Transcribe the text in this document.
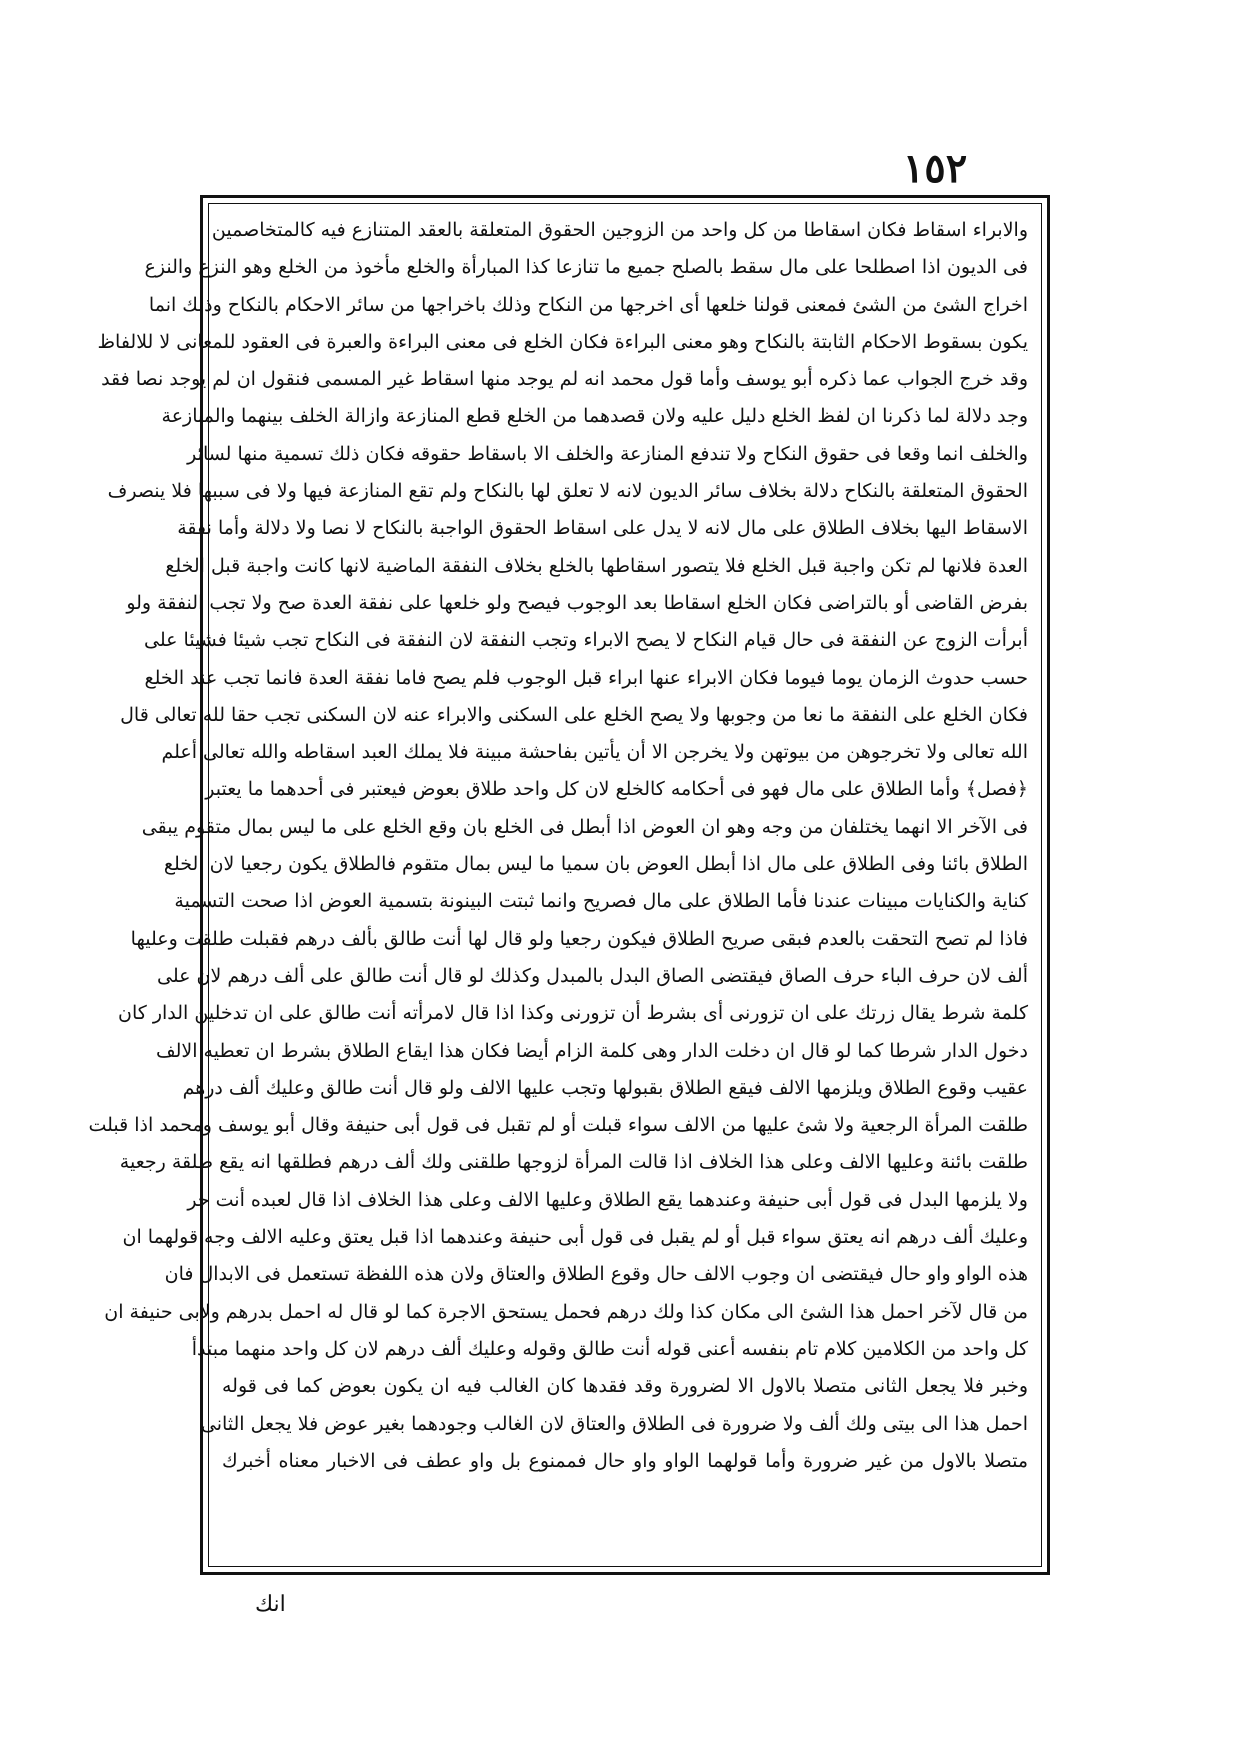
١٥٢
والابراء اسقاط فكان اسقاطا من كل واحد من الزوجين الحقوق المتعلقة بالعقد المتنازع فيه كالمتخاصمين
فى الديون اذا اصطلحا على مال سقط بالصلح جميع ما تنازعا كذا المبارأة والخلع مأخوذ من الخلع وهو النزع والنزع
اخراج الشئ من الشئ فمعنى قولنا خلعها أى اخرجها من النكاح وذلك باخراجها من سائر الاحكام بالنكاح وذلك انما
يكون بسقوط الاحكام الثابتة بالنكاح وهو معنى البراءة فكان الخلع فى معنى البراءة والعبرة فى العقود للمعانى لا للالفاظ
وقد خرج الجواب عما ذكره أبو يوسف وأما قول محمد انه لم يوجد منها اسقاط غير المسمى فنقول ان لم يوجد نصا فقد
وجد دلالة لما ذكرنا ان لفظ الخلع دليل عليه ولان قصدهما من الخلع قطع المنازعة وازالة الخلف بينهما والمنازعة
والخلف انما وقعا فى حقوق النكاح ولا تندفع المنازعة والخلف الا باسقاط حقوقه فكان ذلك تسمية منها لسائر
الحقوق المتعلقة بالنكاح دلالة بخلاف سائر الديون لانه لا تعلق لها بالنكاح ولم تقع المنازعة فيها ولا فى سببها فلا ينصرف
الاسقاط اليها بخلاف الطلاق على مال لانه لا يدل على اسقاط الحقوق الواجبة بالنكاح لا نصا ولا دلالة وأما نفقة
العدة فلانها لم تكن واجبة قبل الخلع فلا يتصور اسقاطها بالخلع بخلاف النفقة الماضية لانها كانت واجبة قبل الخلع
بفرض القاضى أو بالتراضى فكان الخلع اسقاطا بعد الوجوب فيصح ولو خلعها على نفقة العدة صح ولا تجب النفقة ولو
أبرأت الزوج عن النفقة فى حال قيام النكاح لا يصح الابراء وتجب النفقة لان النفقة فى النكاح تجب شيئا فشيئا على
حسب حدوث الزمان يوما فيوما فكان الابراء عنها ابراء قبل الوجوب فلم يصح فاما نفقة العدة فانما تجب عند الخلع
فكان الخلع على النفقة ما نعا من وجوبها ولا يصح الخلع على السكنى والابراء عنه لان السكنى تجب حقا لله تعالى قال
الله تعالى ولا تخرجوهن من بيوتهن ولا يخرجن الا أن يأتين بفاحشة مبينة فلا يملك العبد اسقاطه والله تعالى أعلم
﴿فصل﴾ وأما الطلاق على مال فهو فى أحكامه كالخلع لان كل واحد طلاق بعوض فيعتبر فى أحدهما ما يعتبر
فى الآخر الا انهما يختلفان من وجه وهو ان العوض اذا أبطل فى الخلع بان وقع الخلع على ما ليس بمال متقوم يبقى
الطلاق بائنا وفى الطلاق على مال اذا أبطل العوض بان سميا ما ليس بمال متقوم فالطلاق يكون رجعيا لان الخلع
كناية والكنايات مبينات عندنا فأما الطلاق على مال فصريح وانما ثبتت البينونة بتسمية العوض اذا صحت التسمية
فاذا لم تصح التحقت بالعدم فبقى صريح الطلاق فيكون رجعيا ولو قال لها أنت طالق بألف درهم فقبلت طلقت وعليها
ألف لان حرف الباء حرف الصاق فيقتضى الصاق البدل بالمبدل وكذلك لو قال أنت طالق على ألف درهم لان على
كلمة شرط يقال زرتك على ان تزورنى أى بشرط أن تزورنى وكذا اذا قال لامرأته أنت طالق على ان تدخلين الدار كان
دخول الدار شرطا كما لو قال ان دخلت الدار وهى كلمة الزام أيضا فكان هذا ايقاع الطلاق بشرط ان تعطيه الالف
عقيب وقوع الطلاق ويلزمها الالف فيقع الطلاق بقبولها وتجب عليها الالف ولو قال أنت طالق وعليك ألف درهم
طلقت المرأة الرجعية ولا شئ عليها من الالف سواء قبلت أو لم تقبل فى قول أبى حنيفة وقال أبو يوسف ومحمد اذا قبلت
طلقت بائنة وعليها الالف وعلى هذا الخلاف اذا قالت المرأة لزوجها طلقنى ولك ألف درهم فطلقها انه يقع طلقة رجعية
ولا يلزمها البدل فى قول أبى حنيفة وعندهما يقع الطلاق وعليها الالف وعلى هذا الخلاف اذا قال لعبده أنت حر
وعليك ألف درهم انه يعتق سواء قبل أو لم يقبل فى قول أبى حنيفة وعندهما اذا قبل يعتق وعليه الالف وجه قولهما ان
هذه الواو واو حال فيقتضى ان وجوب الالف حال وقوع الطلاق والعتاق ولان هذه اللفظة تستعمل فى الابدال فان
من قال لآخر احمل هذا الشئ الى مكان كذا ولك درهم فحمل يستحق الاجرة كما لو قال له احمل بدرهم ولابى حنيفة ان
كل واحد من الكلامين كلام تام بنفسه أعنى قوله أنت طالق وقوله وعليك ألف درهم لان كل واحد منهما مبتدأ
وخبر فلا يجعل الثانى متصلا بالاول الا لضرورة وقد فقدها كان الغالب فيه ان يكون بعوض كما فى قوله
احمل هذا الى بيتى ولك ألف ولا ضرورة فى الطلاق والعتاق لان الغالب وجودهما بغير عوض فلا يجعل الثانى
متصلا بالاول من غير ضرورة وأما قولهما الواو واو حال فممنوع بل واو عطف فى الاخبار معناه أخبرك
انك
